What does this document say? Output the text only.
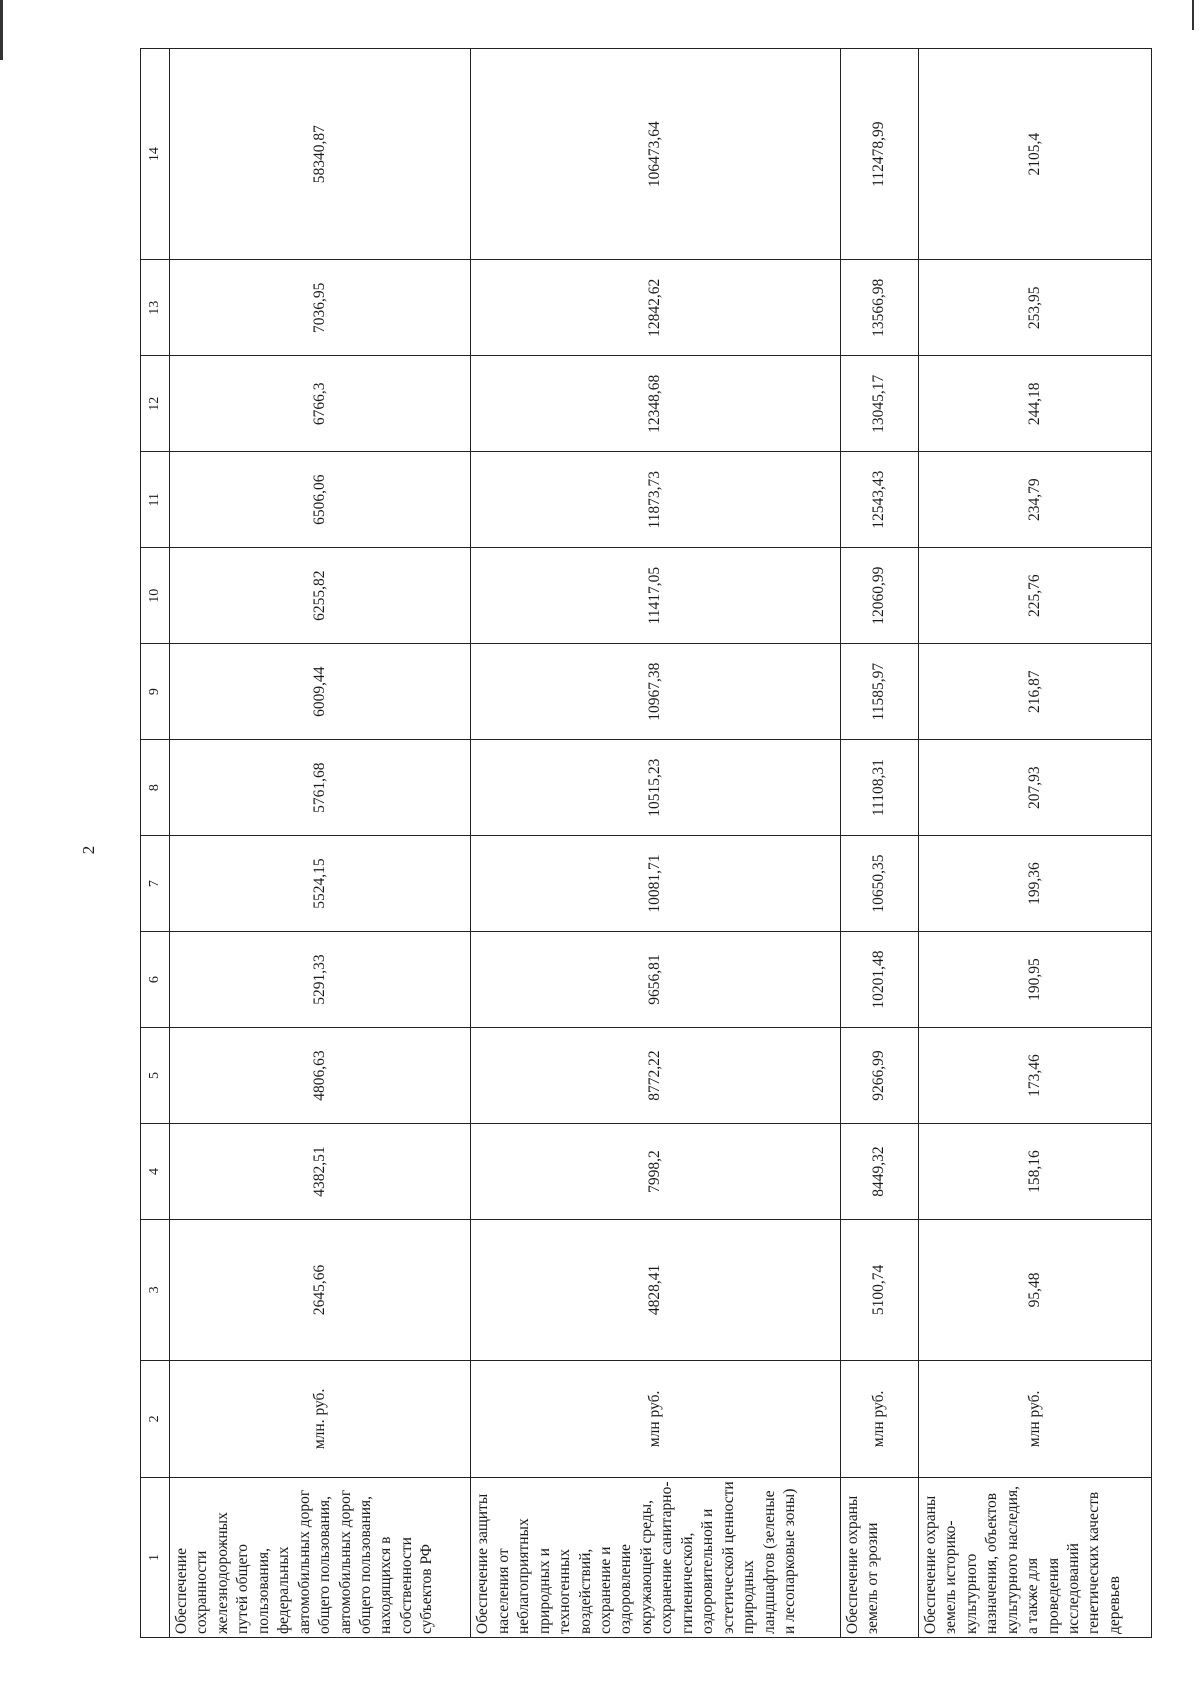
2
1	2	3	4	5	6	7	8	9	10	11	12	13	14
Обеспечение сохранности железнодорожных путей общего пользования, федеральных автомобильных дорог общего пользования, автомобильных дорог общего пользования, находящихся в собственности субъектов РФ	млн. руб.	2645,66	4382,51	4806,63	5291,33	5524,15	5761,68	6009,44	6255,82	6506,06	6766,3	7036,95	58340,87
Обеспечение защиты населения от неблагоприятных природных и техногенных воздействий, сохранение и оздоровление окружающей среды, сохранение санитарно-гигиенической, оздоровительной и эстетической ценности природных ландшафтов (зеленые и лесопарковые зоны)	млн руб.	4828,41	7998,2	8772,22	9656,81	10081,71	10515,23	10967,38	11417,05	11873,73	12348,68	12842,62	106473,64
Обеспечение охраны земель от эрозии	млн руб.	5100,74	8449,32	9266,99	10201,48	10650,35	11108,31	11585,97	12060,99	12543,43	13045,17	13566,98	112478,99
Обеспечение охраны земель историко-культурного назначения, объектов культурного наследия, а также для проведения исследований генетических качеств деревьев	млн руб.	95,48	158,16	173,46	190,95	199,36	207,93	216,87	225,76	234,79	244,18	253,95	2105,4
